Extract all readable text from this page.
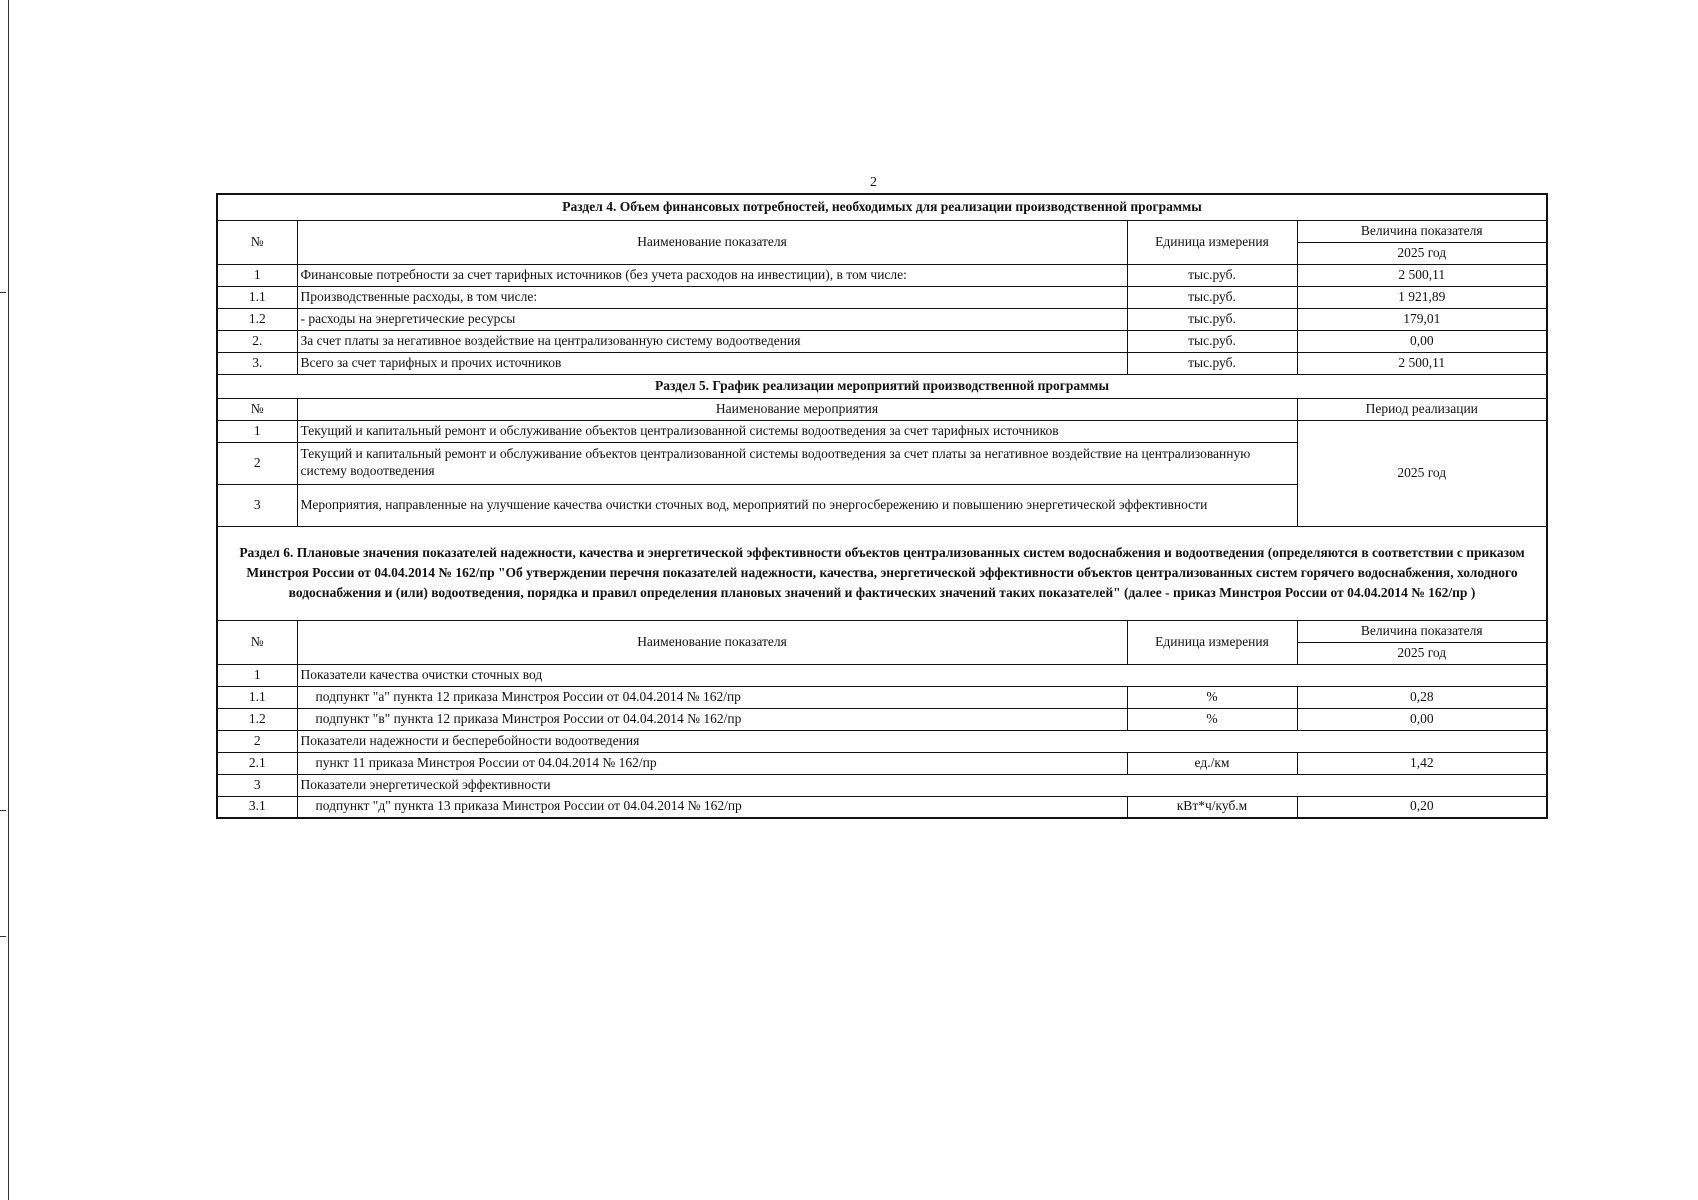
2
Раздел 4. Объем финансовых потребностей, необходимых для реализации производственной программы			
№	Наименование показателя	Единица измерения	Величина показателя
			2025 год
1	Финансовые потребности за счет тарифных источников (без учета расходов на инвестиции), в том числе:	тыс.руб.	2 500,11
1.1	Производственные расходы, в том числе:	тыс.руб.	1 921,89
1.2	- расходы на энергетические ресурсы	тыс.руб.	179,01
2.	За счет платы за негативное воздействие на централизованную систему водоотведения	тыс.руб.	0,00
3.	Всего за счет тарифных и прочих источников	тыс.руб.	2 500,11
Раздел 5. График реализации мероприятий производственной программы			
№	Наименование мероприятия		Период реализации
1	Текущий и капитальный ремонт и обслуживание объектов централизованной системы водоотведения за счет тарифных источников		2025 год
2	Текущий и капитальный ремонт и обслуживание объектов централизованной системы водоотведения за счет платы за негативное воздействие на централизованную систему водоотведения		
3	Мероприятия, направленные на улучшение качества очистки сточных вод, мероприятий по энергосбережению и повышению энергетической эффективности		
Раздел 6. Плановые значения показателей надежности, качества и энергетической эффективности объектов централизованных систем водоснабжения и водоотведения (определяются в соответствии с приказом Минстроя России от 04.04.2014 № 162/пр "Об утверждении перечня показателей надежности, качества, энергетической эффективности объектов централизованных систем горячего водоснабжения, холодного водоснабжения и (или) водоотведения, порядка и правил определения плановых значений и фактических значений таких показателей" (далее - приказ Минстроя России от 04.04.2014 № 162/пр )			
№	Наименование показателя	Единица измерения	Величина показателя
			2025 год
1	Показатели качества очистки сточных вод		
1.1	подпункт "а" пункта 12 приказа Минстроя России от 04.04.2014 № 162/пр	%	0,28
1.2	подпункт "в" пункта 12 приказа Минстроя России от 04.04.2014 № 162/пр	%	0,00
2	Показатели надежности и бесперебойности водоотведения		
2.1	пункт 11 приказа Минстроя России от 04.04.2014 № 162/пр	ед./км	1,42
3	Показатели энергетической эффективности		
3.1	подпункт "д" пункта 13 приказа Минстроя России от 04.04.2014 № 162/пр	кВт*ч/куб.м	0,20
